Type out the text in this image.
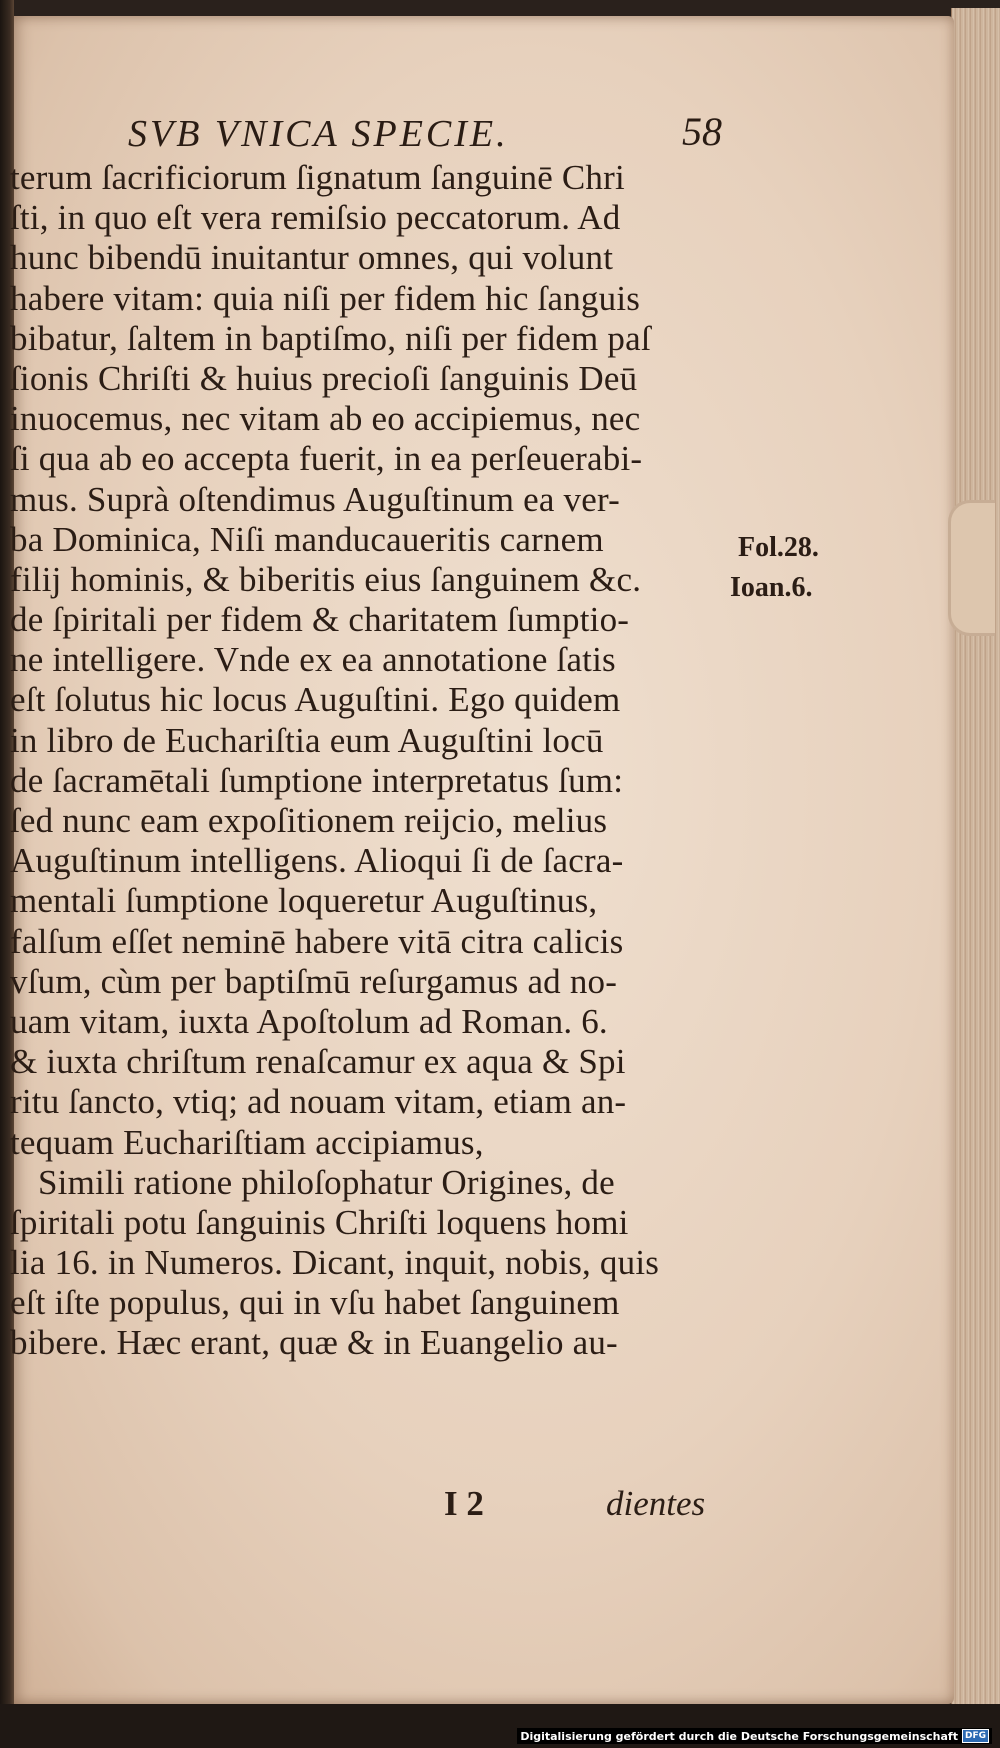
SVB VNICA SPECIE.	58
terum ſacrificiorum ſignatum ſanguinē Chri
ſti, in quo eſt vera remiſsio peccatorum. Ad
hunc bibendū inuitantur omnes, qui volunt
habere vitam: quia niſi per fidem hic ſanguis
bibatur, ſaltem in baptiſmo, niſi per fidem paſ
ſionis Chriſti & huius precioſi ſanguinis Deū
inuocemus, nec vitam ab eo accipiemus, nec
ſi qua ab eo accepta fuerit, in ea perſeuerabi-
mus. Suprà oſtendimus Auguſtinum ea ver-
ba Dominica, Niſi manducaueritis carnem
filij hominis, & biberitis eius ſanguinem &c.
de ſpiritali per fidem & charitatem ſumptio-
ne intelligere. Vnde ex ea annotatione ſatis
eſt ſolutus hic locus Auguſtini. Ego quidem
in libro de Euchariſtia eum Auguſtini locū
de ſacramētali ſumptione interpretatus ſum:
ſed nunc eam expoſitionem reijcio, melius
Auguſtinum intelligens. Alioqui ſi de ſacra-
mentali ſumptione loqueretur Auguſtinus,
falſum eſſet neminē habere vitā citra calicis
vſum, cùm per baptiſmū reſurgamus ad no-
uam vitam, iuxta Apoſtolum ad Roman. 6.
& iuxta chriſtum renaſcamur ex aqua & Spi
ritu ſancto, vtiq; ad nouam vitam, etiam an-
tequam Euchariſtiam accipiamus,
Simili ratione philoſophatur Origines, de
ſpiritali potu ſanguinis Chriſti loquens homi
lia 16. in Numeros. Dicant, inquit, nobis, quis
eſt iſte populus, qui in vſu habet ſanguinem
bibere. Hæc erant, quæ & in Euangelio au-
Fol.28.
Ioan.6.
I 2	dientes
Digitalisierung gefördert durch die Deutsche Forschungsgemeinschaft DFG
